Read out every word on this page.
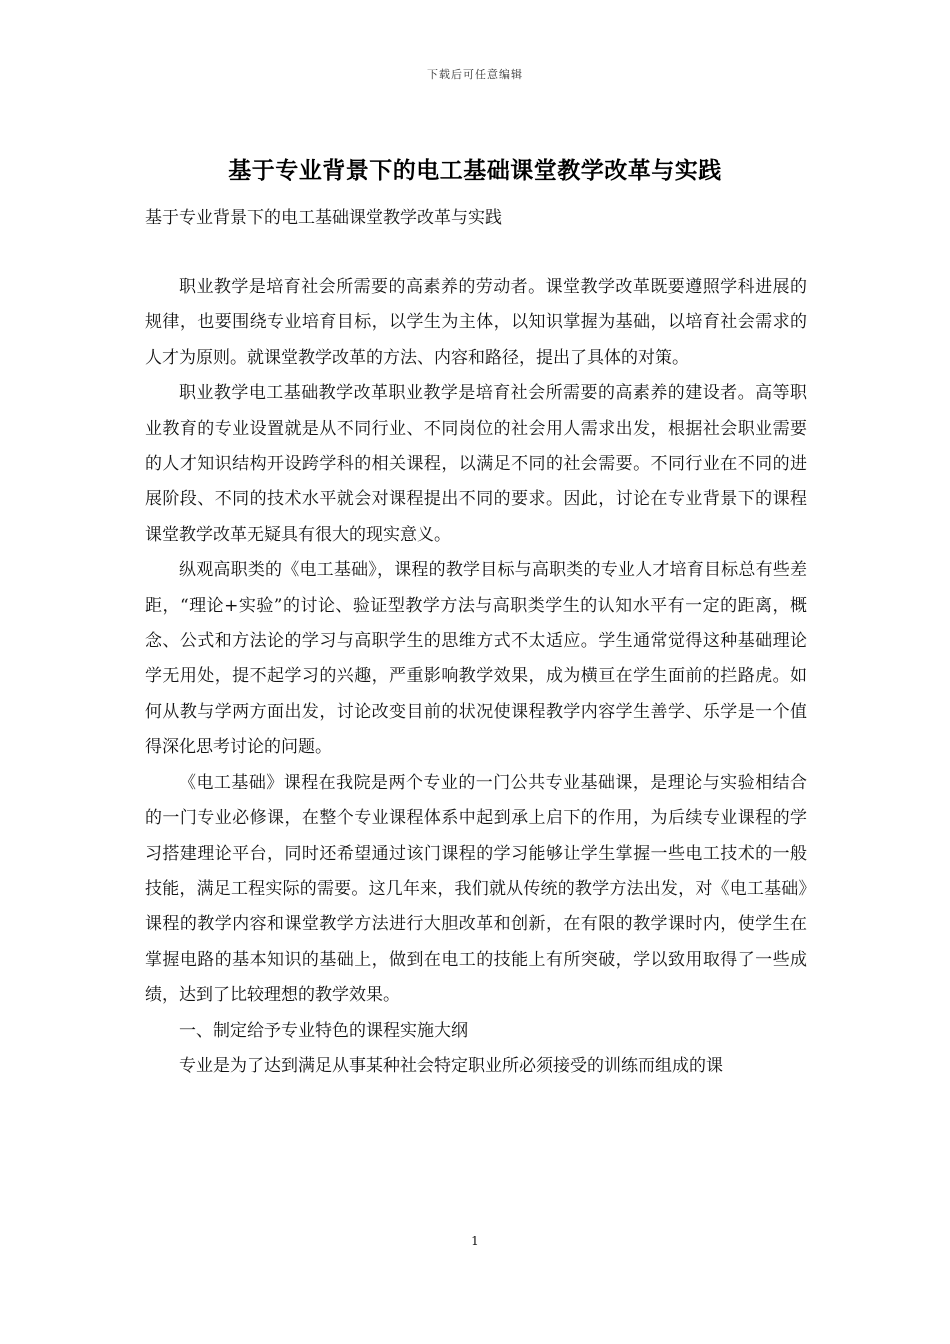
下载后可任意编辑
基于专业背景下的电工基础课堂教学改革与实践
基于专业背景下的电工基础课堂教学改革与实践

职业教学是培育社会所需要的高素养的劳动者。课堂教学改革既要遵照学科进展的规律，也要围绕专业培育目标，以学生为主体，以知识掌握为基础，以培育社会需求的人才为原则。就课堂教学改革的方法、内容和路径，提出了具体的对策。

职业教学电工基础教学改革职业教学是培育社会所需要的高素养的建设者。高等职业教育的专业设置就是从不同行业、不同岗位的社会用人需求出发，根据社会职业需要的人才知识结构开设跨学科的相关课程，以满足不同的社会需要。不同行业在不同的进展阶段、不同的技术水平就会对课程提出不同的要求。因此，讨论在专业背景下的课程课堂教学改革无疑具有很大的现实意义。

纵观高职类的《电工基础》，课程的教学目标与高职类的专业人才培育目标总有些差距，“理论+实验”的讨论、验证型教学方法与高职类学生的认知水平有一定的距离，概念、公式和方法论的学习与高职学生的思维方式不太适应。学生通常觉得这种基础理论学无用处，提不起学习的兴趣，严重影响教学效果，成为横亘在学生面前的拦路虎。如何从教与学两方面出发，讨论改变目前的状况使课程教学内容学生善学、乐学是一个值得深化思考讨论的问题。

《电工基础》课程在我院是两个专业的一门公共专业基础课，是理论与实验相结合的一门专业必修课，在整个专业课程体系中起到承上启下的作用，为后续专业课程的学习搭建理论平台，同时还希望通过该门课程的学习能够让学生掌握一些电工技术的一般技能，满足工程实际的需要。这几年来，我们就从传统的教学方法出发，对《电工基础》课程的教学内容和课堂教学方法进行大胆改革和创新，在有限的教学课时内，使学生在掌握电路的基本知识的基础上，做到在电工的技能上有所突破，学以致用取得了一些成绩，达到了比较理想的教学效果。

一、制定给予专业特色的课程实施大纲

专业是为了达到满足从事某种社会特定职业所必须接受的训练而组成的课

1
